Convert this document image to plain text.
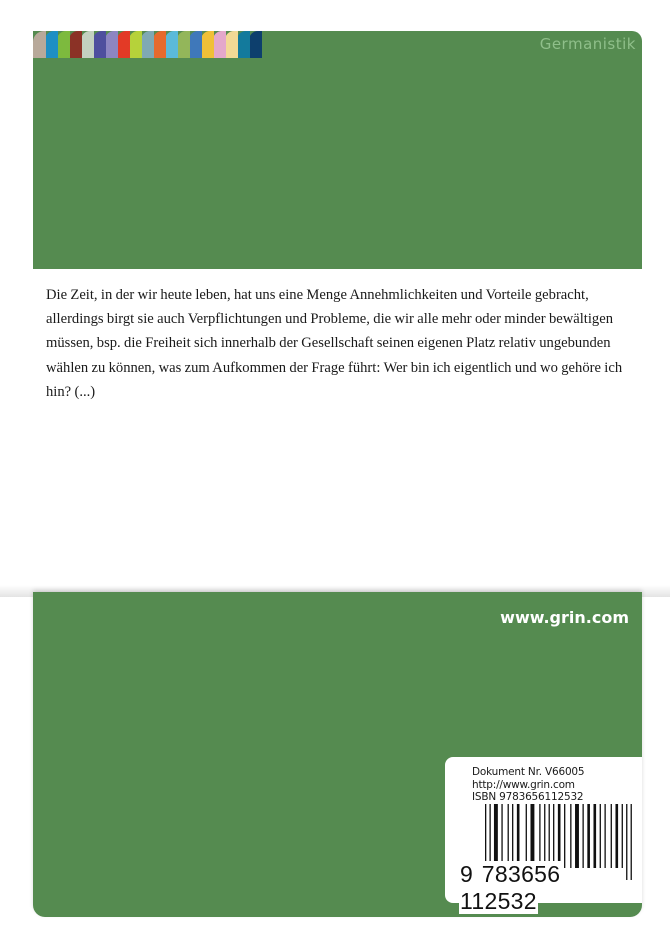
Germanistik
Die Zeit, in der wir heute leben, hat uns eine Menge Annehmlichkeiten und Vorteile gebracht, allerdings birgt sie auch Verpflichtungen und Probleme, die wir alle mehr oder minder bewältigen müssen, bsp. die Freiheit sich innerhalb der Gesellschaft seinen eigenen Platz relativ ungebunden wählen zu können, was zum Aufkommen der Frage führt: Wer bin ich eigentlich und wo gehöre ich hin? (...)
www.grin.com
Dokument Nr. V66005
http://www.grin.com
ISBN 9783656112532
9 783656 112532
